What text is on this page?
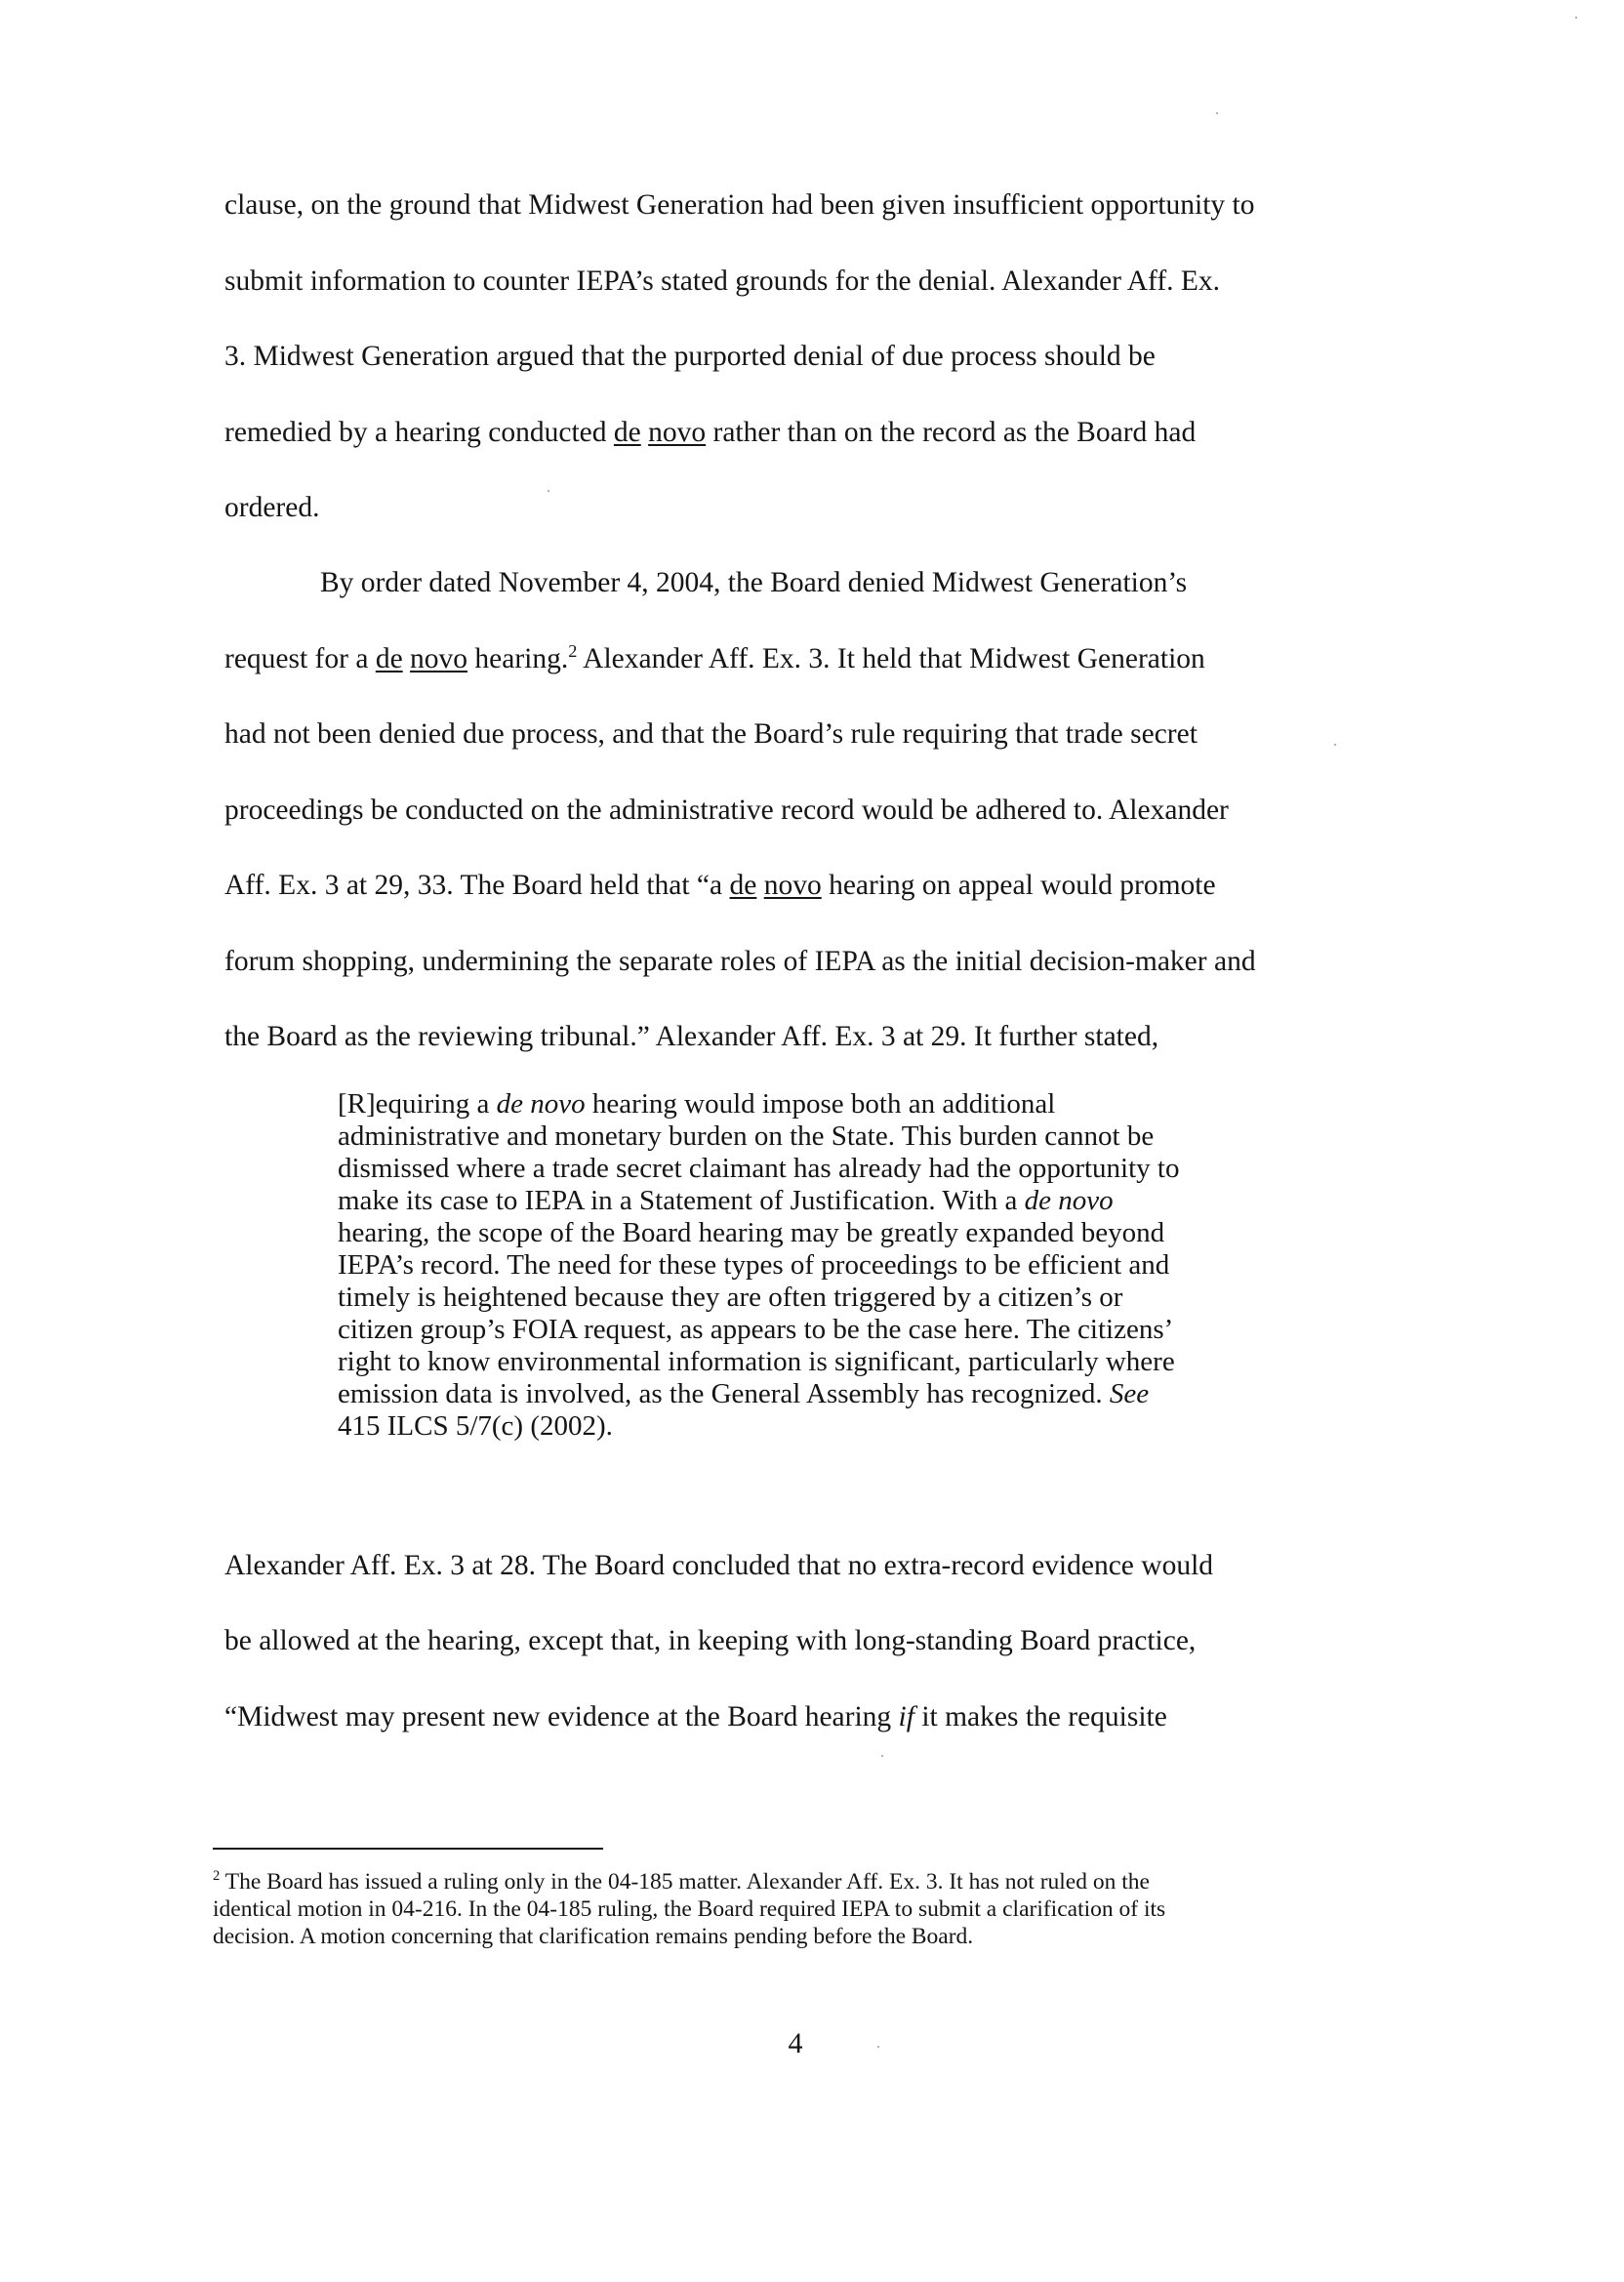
clause, on the ground that Midwest Generation had been given insufficient opportunity to
submit information to counter IEPA’s stated grounds for the denial. Alexander Aff. Ex.
3. Midwest Generation argued that the purported denial of due process should be
remedied by a hearing conducted de novo rather than on the record as the Board had
ordered.
By order dated November 4, 2004, the Board denied Midwest Generation’s
request for a de novo hearing.$^2$ Alexander Aff. Ex. 3. It held that Midwest Generation
had not been denied due process, and that the Board’s rule requiring that trade secret
proceedings be conducted on the administrative record would be adhered to. Alexander
Aff. Ex. 3 at 29, 33. The Board held that “a de novo hearing on appeal would promote
forum shopping, undermining the separate roles of IEPA as the initial decision-maker and
the Board as the reviewing tribunal.” Alexander Aff. Ex. 3 at 29. It further stated,
[R]equiring a de novo hearing would impose both an additional
administrative and monetary burden on the State. This burden cannot be
dismissed where a trade secret claimant has already had the opportunity to
make its case to IEPA in a Statement of Justification. With a de novo
hearing, the scope of the Board hearing may be greatly expanded beyond
IEPA’s record. The need for these types of proceedings to be efficient and
timely is heightened because they are often triggered by a citizen’s or
citizen group’s FOIA request, as appears to be the case here. The citizens’
right to know environmental information is significant, particularly where
emission data is involved, as the General Assembly has recognized. See
415 ILCS 5/7(c) (2002).
Alexander Aff. Ex. 3 at 28. The Board concluded that no extra-record evidence would
be allowed at the hearing, except that, in keeping with long-standing Board practice,
“Midwest may present new evidence at the Board hearing if it makes the requisite
$^2$ The Board has issued a ruling only in the 04-185 matter. Alexander Aff. Ex. 3. It has not ruled on the
identical motion in 04-216. In the 04-185 ruling, the Board required IEPA to submit a clarification of its
decision. A motion concerning that clarification remains pending before the Board.
4
